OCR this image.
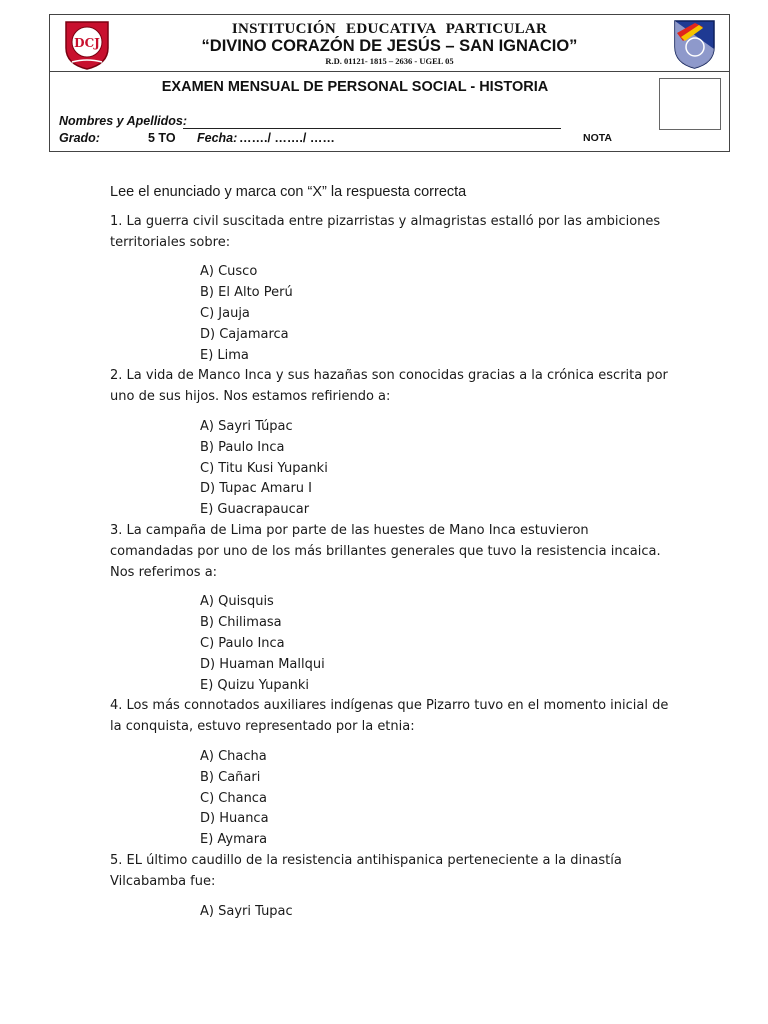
DCJ
INSTITUCIÓN EDUCATIVA PARTICULAR
“DIVINO CORAZÓN DE JESÚS – SAN IGNACIO”
R.D. 01121- 1815 – 2636 - UGEL 05
EXAMEN MENSUAL DE PERSONAL SOCIAL - HISTORIA
Nombres y Apellidos:
Grado:	5 TO Fecha: ……./ ……./ ……	NOTA
Lee el enunciado y marca con “X” la respuesta correcta

1. La guerra civil suscitada entre pizarristas y almagristas estalló por las ambiciones territoriales sobre:

A) Cusco
B) El Alto Perú
C) Jauja
D) Cajamarca
E) Lima

2. La vida de Manco Inca y sus hazañas son conocidas gracias a la crónica escrita por uno de sus hijos. Nos estamos refiriendo a:

A) Sayri Túpac
B) Paulo Inca
C) Titu Kusi Yupanki
D) Tupac Amaru I
E) Guacrapaucar

3. La campaña de Lima por parte de las huestes de Mano Inca estuvieron comandadas por uno de los más brillantes generales que tuvo la resistencia incaica. Nos referimos a:

A) Quisquis
B) Chilimasa
C) Paulo Inca
D) Huaman Mallqui
E) Quizu Yupanki

4. Los más connotados auxiliares indígenas que Pizarro tuvo en el momento inicial de la conquista, estuvo representado por la etnia:

A) Chacha
B) Cañari
C) Chanca
D) Huanca
E) Aymara

5. EL último caudillo de la resistencia antihispanica perteneciente a la dinastía Vilcabamba fue:

A) Sayri Tupac
